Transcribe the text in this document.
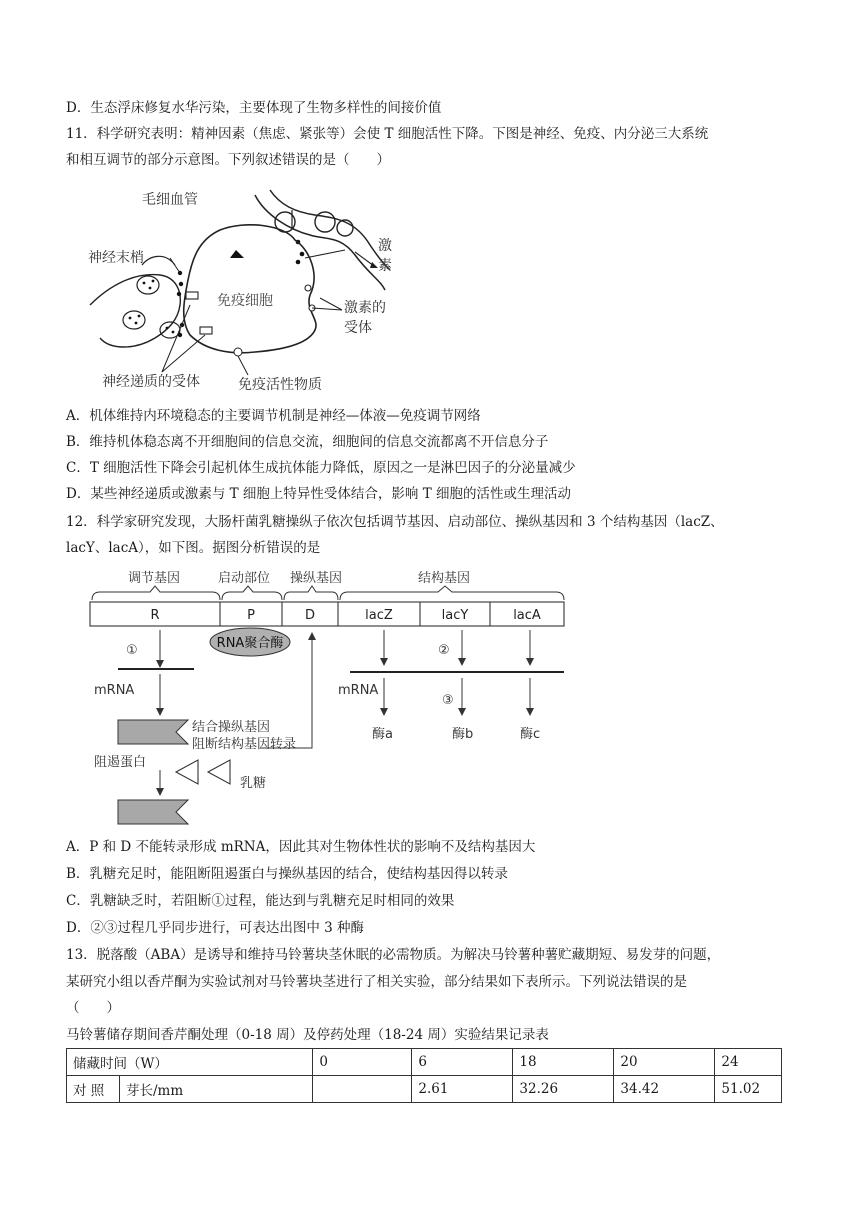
D．生态浮床修复水华污染，主要体现了生物多样性的间接价值
11．科学研究表明：精神因素（焦虑、紧张等）会使 T 细胞活性下降。下图是神经、免疫、内分泌三大系统
和相互调节的部分示意图。下列叙述错误的是（　　）
毛细血管
神经末梢
免疫细胞
激
素
激素的
受体
神经递质的受体	免疫活性物质
A．机体维持内环境稳态的主要调节机制是神经—体液—免疫调节网络
B．维持机体稳态离不开细胞间的信息交流，细胞间的信息交流都离不开信息分子
C．T 细胞活性下降会引起机体生成抗体能力降低，原因之一是淋巴因子的分泌量减少
D．某些神经递质或激素与 T 细胞上特异性受体结合，影响 T 细胞的活性或生理活动
12．科学家研究发现，大肠杆菌乳糖操纵子依次包括调节基因、启动部位、操纵基因和 3 个结构基因（lacZ、
lacY、lacA），如下图。据图分析错误的是
调节基因	启动部位 操纵基因	结构基因
R	P	D	lacZ	lacY	lacA
RNA聚合酶
①
mRNA
结合操纵基因
阻断结构基因转录
阻遏蛋白
乳糖
②
mRNA
③
酶a	酶b	酶c
A．P 和 D 不能转录形成 mRNA，因此其对生物体性状的影响不及结构基因大
B．乳糖充足时，能阻断阻遏蛋白与操纵基因的结合，使结构基因得以转录
C．乳糖缺乏时，若阻断①过程，能达到与乳糖充足时相同的效果
D．②③过程几乎同步进行，可表达出图中 3 种酶
13．脱落酸（ABA）是诱导和维持马铃薯块茎休眠的必需物质。为解决马铃薯种薯贮藏期短、易发芽的问题，
某研究小组以香芹酮为实验试剂对马铃薯块茎进行了相关实验，部分结果如下表所示。下列说法错误的是
（　　）
马铃薯储存期间香芹酮处理（0-18 周）及停药处理（18-24 周）实验结果记录表
储藏时间（W）		0	6	18	20	24
对 照	芽长/mm		2.61	32.26	34.42	51.02
